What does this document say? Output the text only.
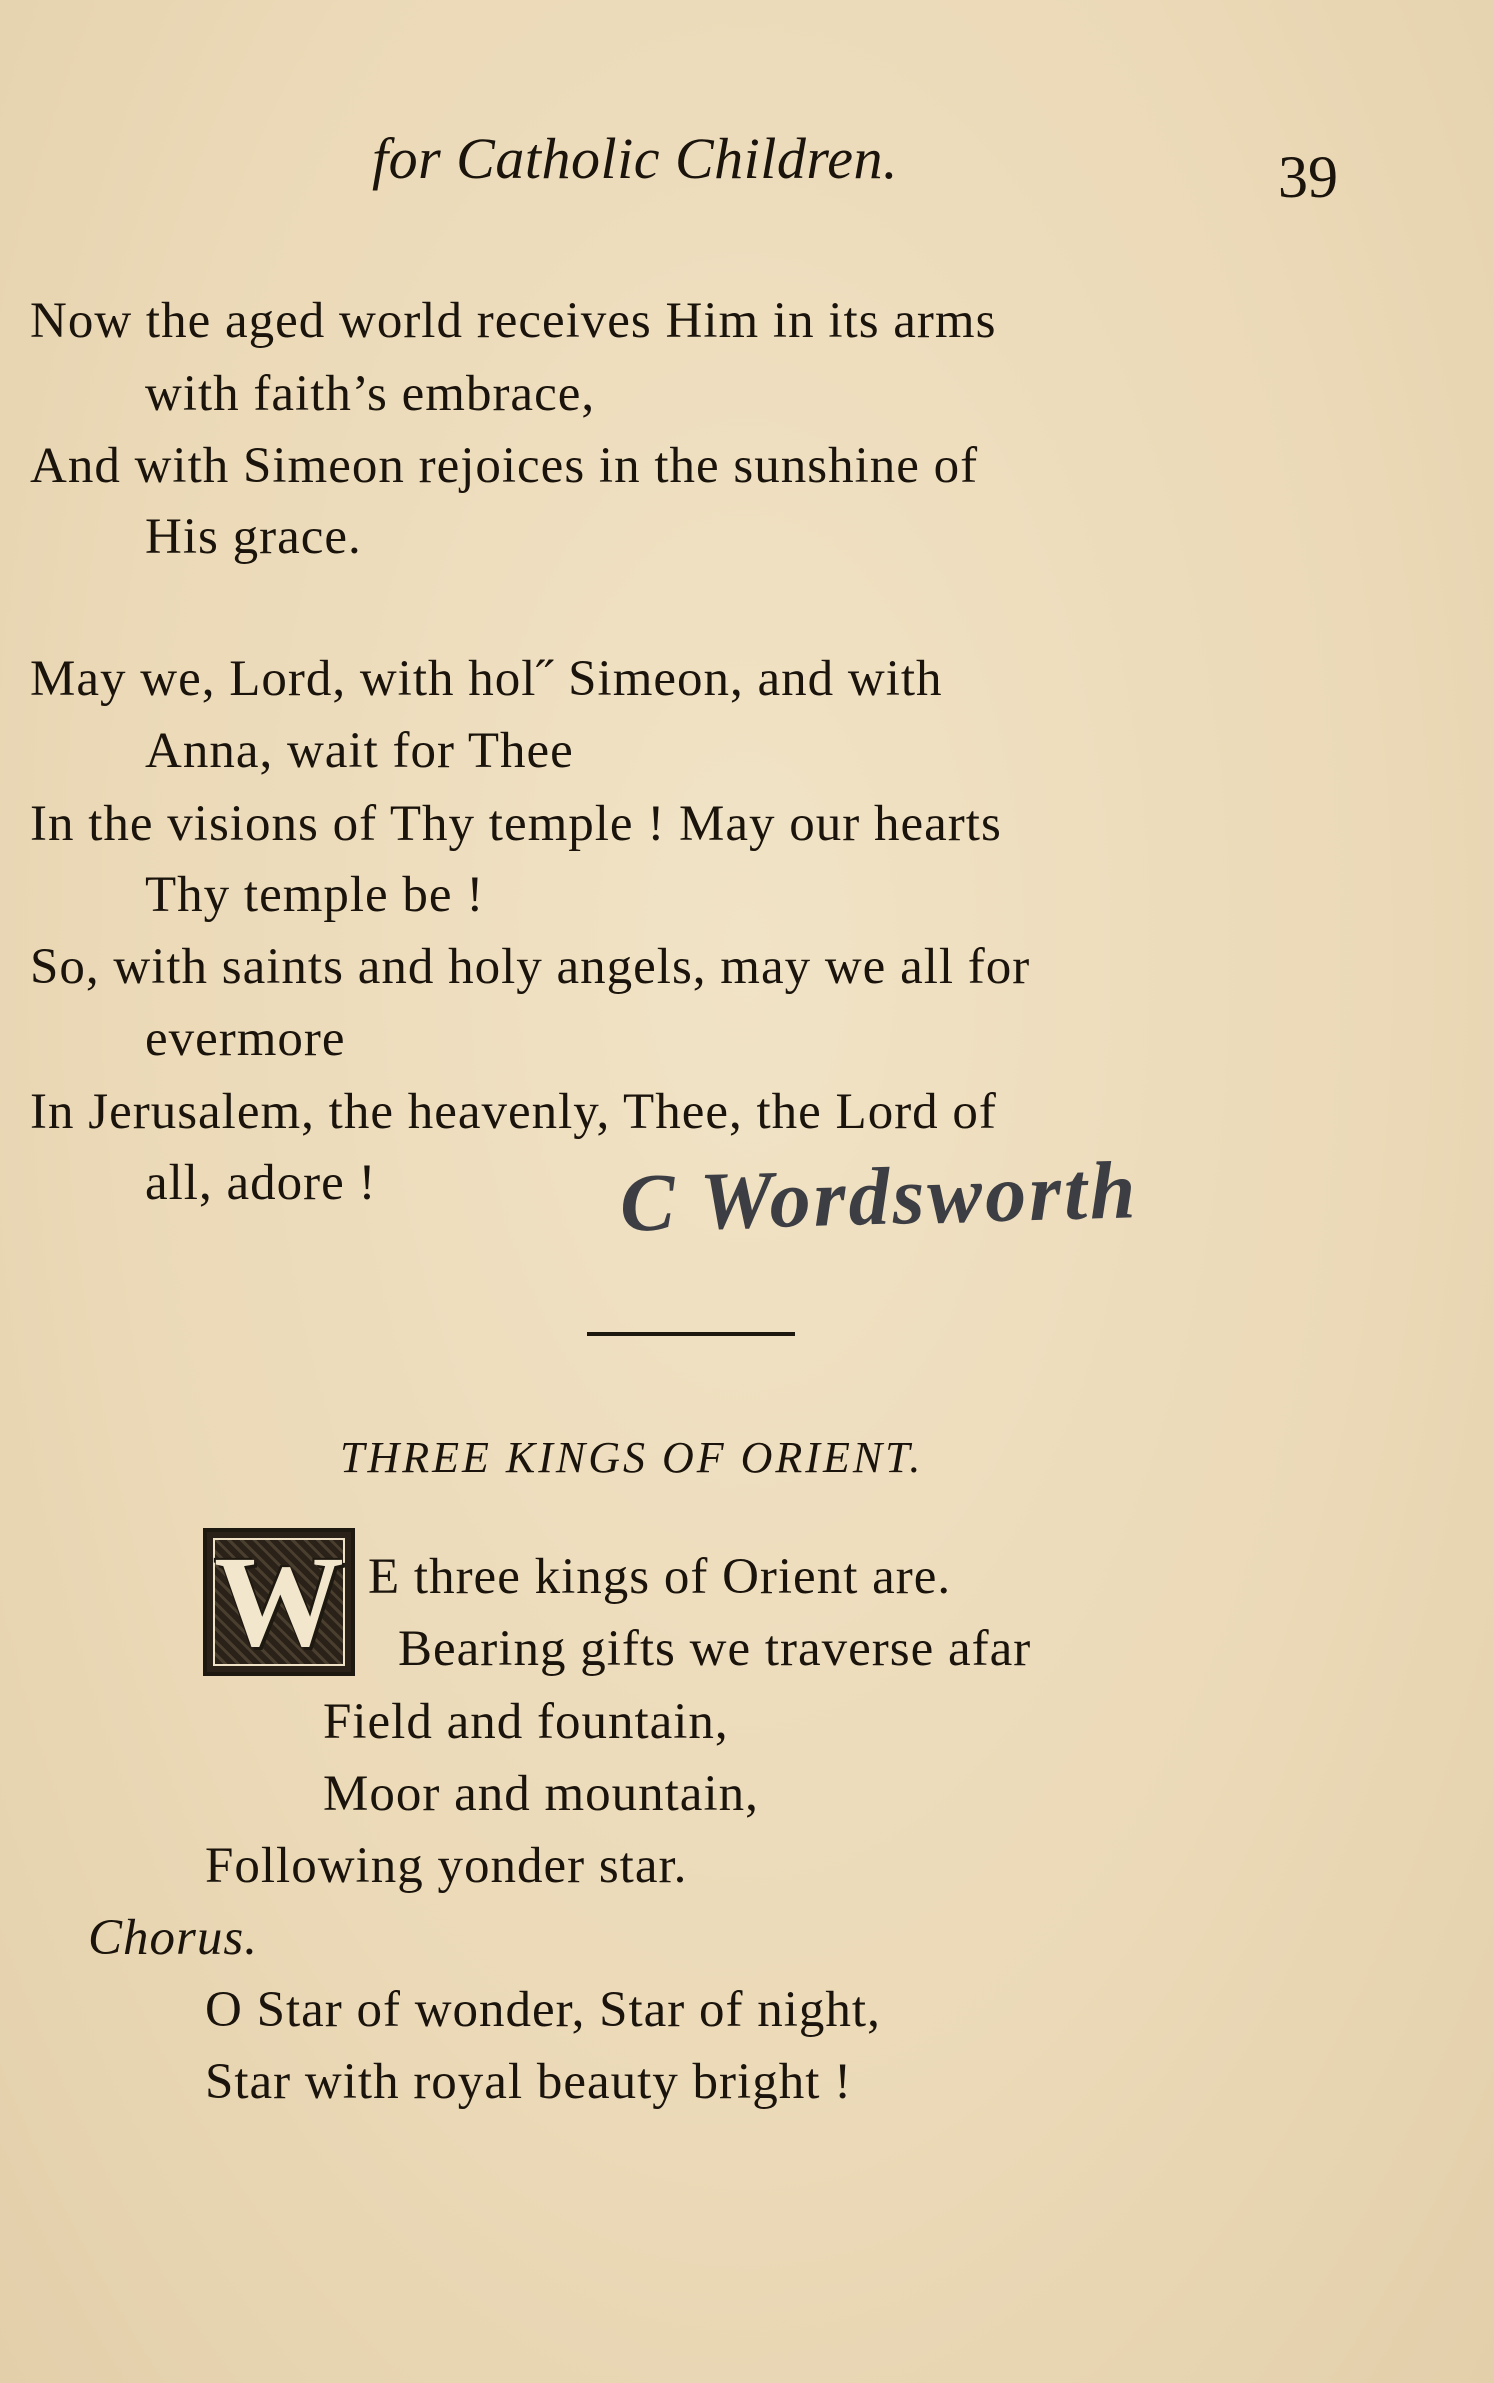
for Catholic Children.	39
Now the aged world receives Him in its arms
with faith’s embrace,
And with Simeon rejoices in the sunshine of
His grace.
May we, Lord, with hol˝ Simeon, and with
Anna, wait for Thee
In the visions of Thy temple ! May our hearts
Thy temple be !
So, with saints and holy angels, may we all for
evermore
In Jerusalem, the heavenly, Thee, the Lord of
all, adore !	C Wordsworth
THREE KINGS OF ORIENT.
W E three kings of Orient are.
Bearing gifts we traverse afar
Field and fountain,
Moor and mountain,
Following yonder star.
Chorus.
O Star of wonder, Star of night,
Star with royal beauty bright !
